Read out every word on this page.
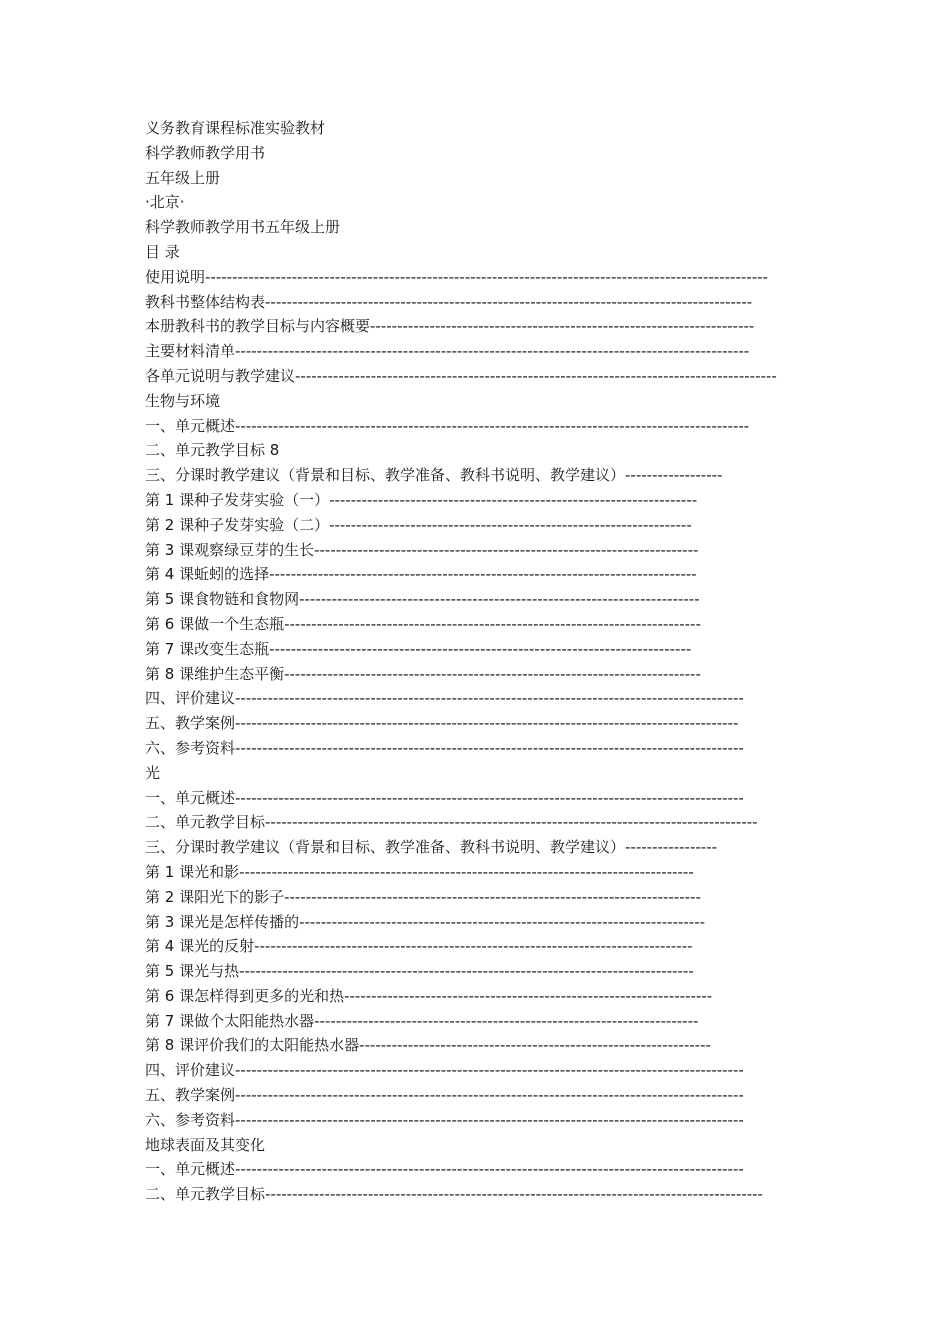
义务教育课程标准实验教材
科学教师教学用书
五年级上册
·北京·
科学教师教学用书五年级上册
目 录
使用说明--------------------------------------------------------------------------------------------------------
教科书整体结构表------------------------------------------------------------------------------------------
本册教科书的教学目标与内容概要-----------------------------------------------------------------------
主要材料清单-----------------------------------------------------------------------------------------------
各单元说明与教学建议-----------------------------------------------------------------------------------------
生物与环境
一、单元概述-----------------------------------------------------------------------------------------------
二、单元教学目标 8
三、分课时教学建议（背景和目标、教学准备、教科书说明、教学建议）------------------
第 1 课种子发芽实验（一）--------------------------------------------------------------------
第 2 课种子发芽实验（二）-------------------------------------------------------------------
第 3 课观察绿豆芽的生长-----------------------------------------------------------------------
第 4 课蚯蚓的选择-------------------------------------------------------------------------------
第 5 课食物链和食物网--------------------------------------------------------------------------
第 6 课做一个生态瓶-----------------------------------------------------------------------------
第 7 课改变生态瓶------------------------------------------------------------------------------
第 8 课维护生态平衡-----------------------------------------------------------------------------
四、评价建议----------------------------------------------------------------------------------------------
五、教学案例---------------------------------------------------------------------------------------------
六、参考资料----------------------------------------------------------------------------------------------
光
一、单元概述----------------------------------------------------------------------------------------------
二、单元教学目标-------------------------------------------------------------------------------------------
三、分课时教学建议（背景和目标、教学准备、教科书说明、教学建议）-----------------
第 1 课光和影------------------------------------------------------------------------------------
第 2 课阳光下的影子-----------------------------------------------------------------------------
第 3 课光是怎样传播的---------------------------------------------------------------------------
第 4 课光的反射---------------------------------------------------------------------------------
第 5 课光与热------------------------------------------------------------------------------------
第 6 课怎样得到更多的光和热--------------------------------------------------------------------
第 7 课做个太阳能热水器-----------------------------------------------------------------------
第 8 课评价我们的太阳能热水器-----------------------------------------------------------------
四、评价建议----------------------------------------------------------------------------------------------
五、教学案例----------------------------------------------------------------------------------------------
六、参考资料----------------------------------------------------------------------------------------------
地球表面及其变化
一、单元概述----------------------------------------------------------------------------------------------
二、单元教学目标--------------------------------------------------------------------------------------------
